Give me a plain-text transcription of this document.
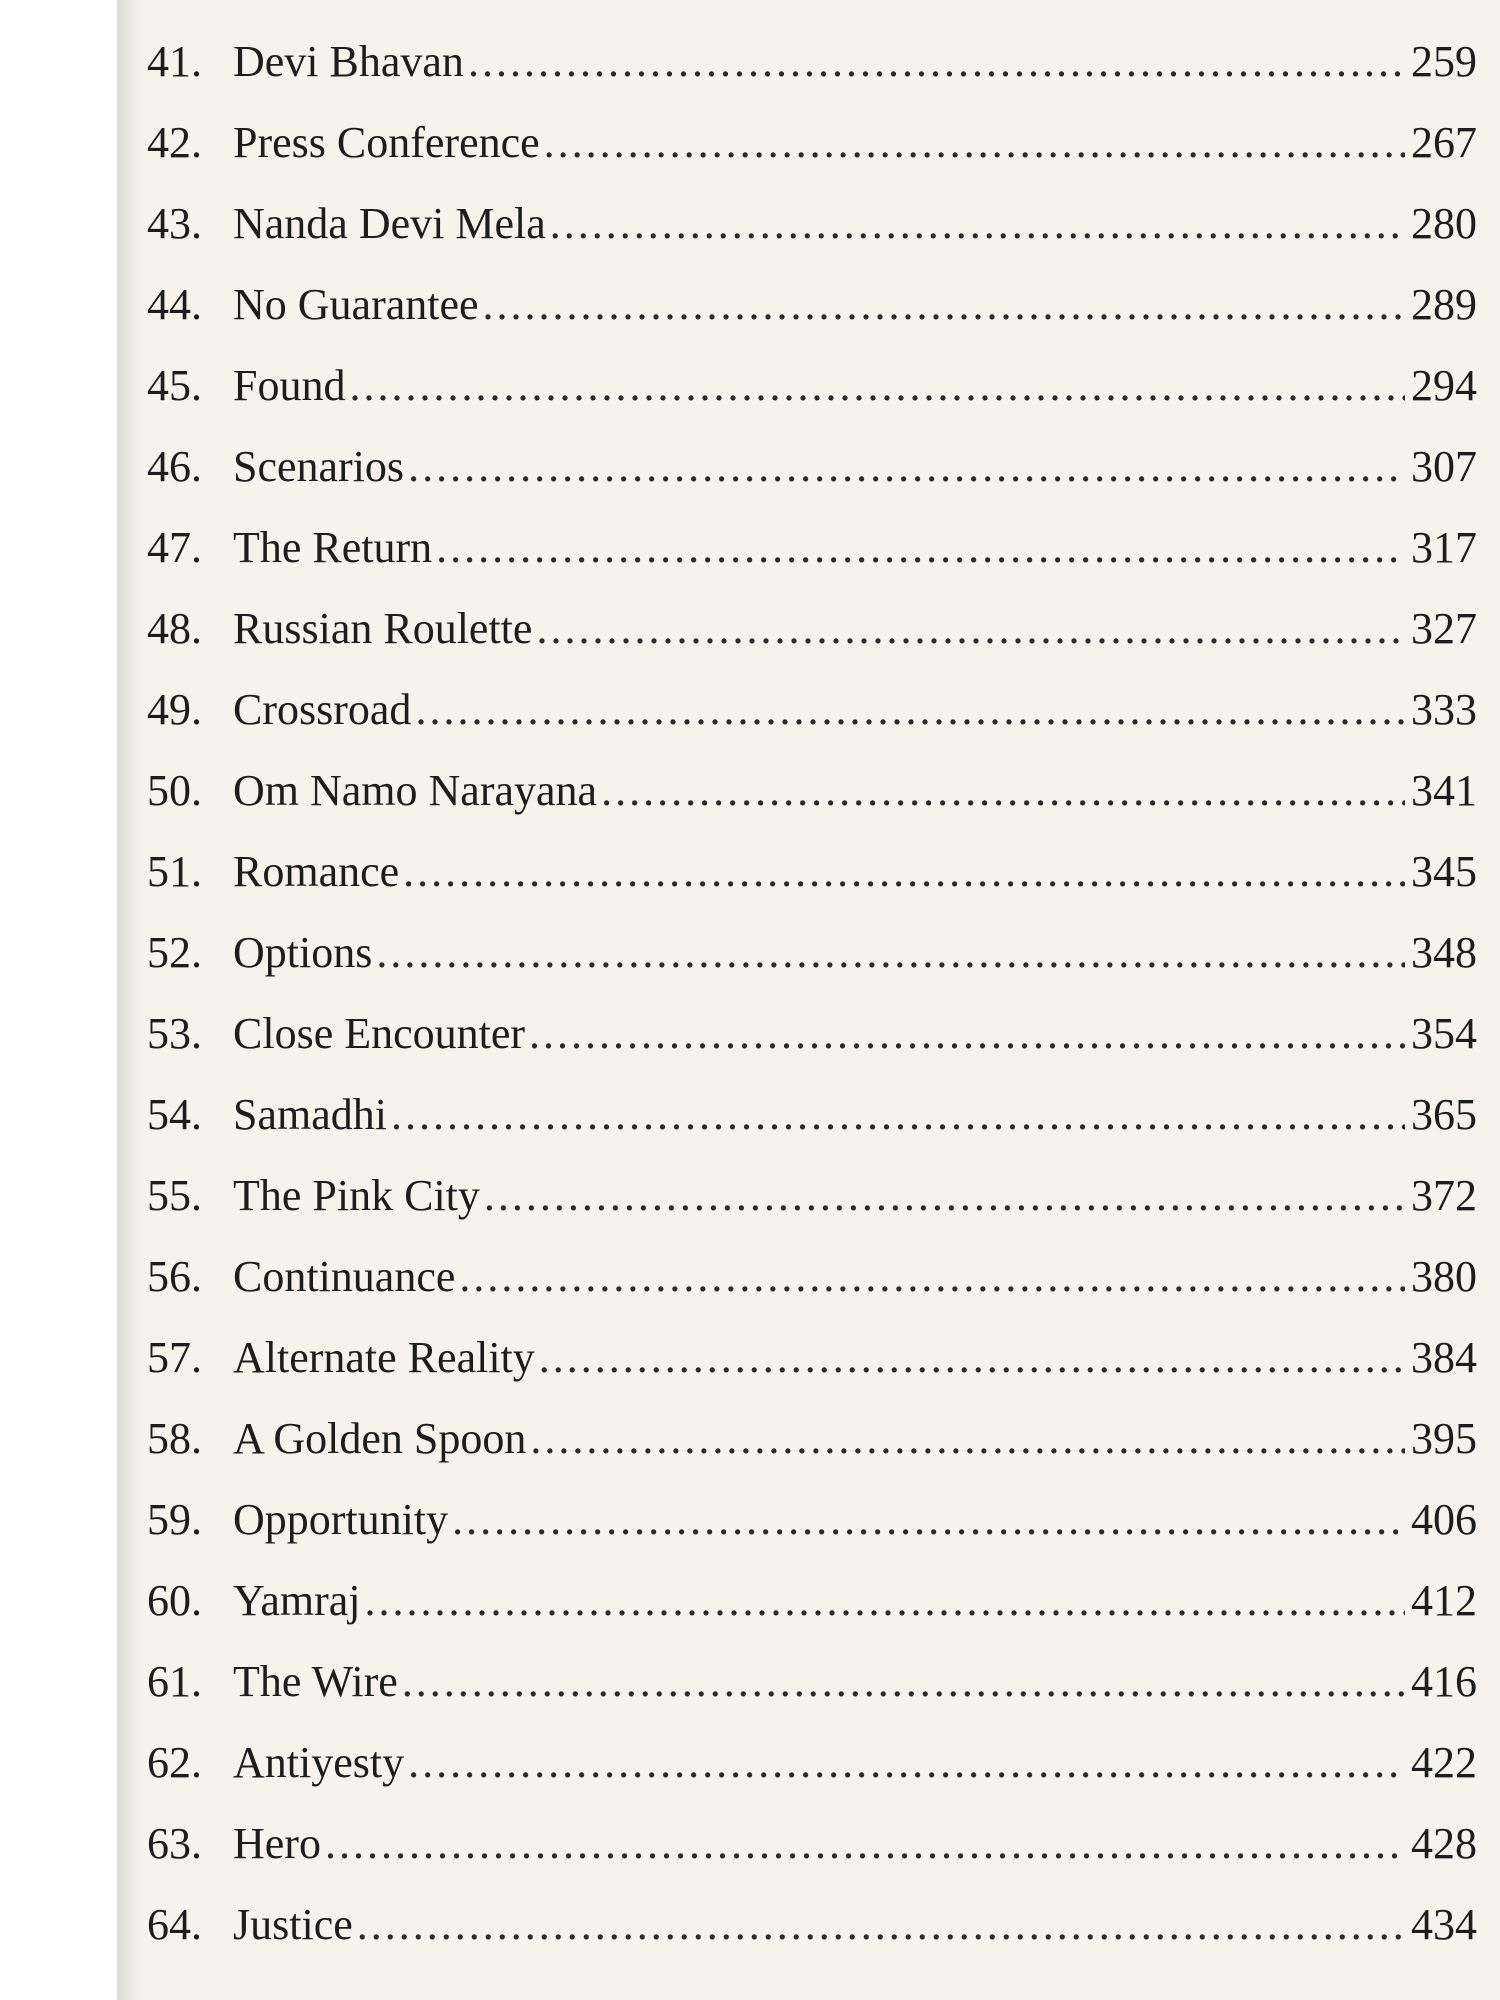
41. Devi Bhavan .....	259
42. Press Conference .....	267
43. Nanda Devi Mela .....	280
44. No Guarantee .....	289
45. Found .....	294
46. Scenarios .....	307
47. The Return .....	317
48. Russian Roulette .....	327
49. Crossroad .....	333
50. Om Namo Narayana .....	341
51. Romance .....	345
52. Options .....	348
53. Close Encounter .....	354
54. Samadhi .....	365
55. The Pink City .....	372
56. Continuance .....	380
57. Alternate Reality .....	384
58. A Golden Spoon .....	395
59. Opportunity .....	406
60. Yamraj .....	412
61. The Wire .....	416
62. Antiyesty .....	422
63. Hero .....	428
64. Justice .....	434
